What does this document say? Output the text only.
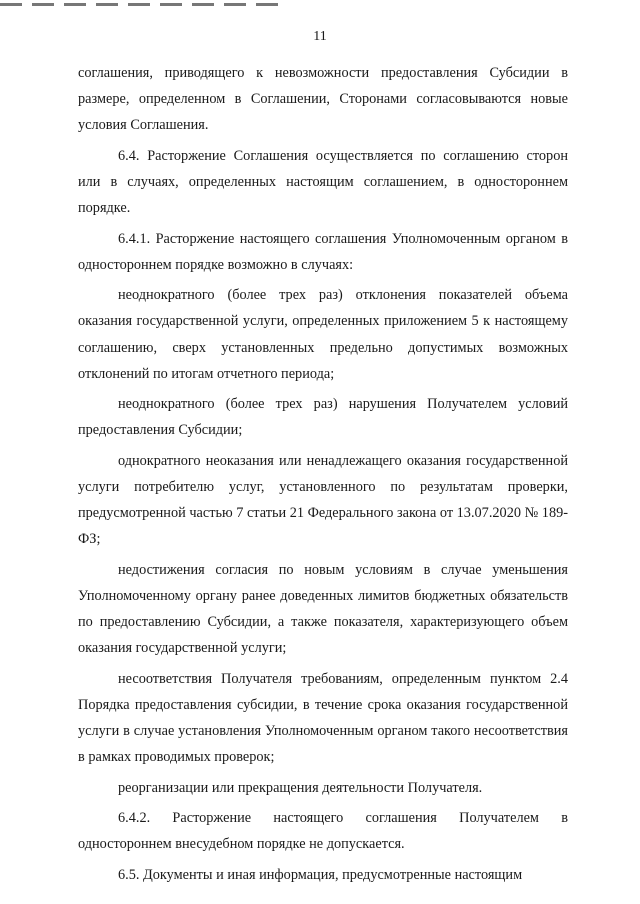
11

соглашения, приводящего к невозможности предоставления Субсидии в размере, определенном в Соглашении, Сторонами согласовываются новые условия Соглашения.

6.4. Расторжение Соглашения осуществляется по соглашению сторон или в случаях, определенных настоящим соглашением, в одностороннем порядке.

6.4.1. Расторжение настоящего соглашения Уполномоченным органом в одностороннем порядке возможно в случаях:

неоднократного (более трех раз) отклонения показателей объема оказания государственной услуги, определенных приложением 5 к настоящему соглашению, сверх установленных предельно допустимых возможных отклонений по итогам отчетного периода;

неоднократного (более трех раз) нарушения Получателем условий предоставления Субсидии;

однократного неоказания или ненадлежащего оказания государственной услуги потребителю услуг, установленного по результатам проверки, предусмотренной частью 7 статьи 21 Федерального закона от 13.07.2020 № 189-ФЗ;

недостижения согласия по новым условиям в случае уменьшения Уполномоченному органу ранее доведенных лимитов бюджетных обязательств по предоставлению Субсидии, а также показателя, характеризующего объем оказания государственной услуги;

несоответствия Получателя требованиям, определенным пунктом 2.4 Порядка предоставления субсидии, в течение срока оказания государственной услуги в случае установления Уполномоченным органом такого несоответствия в рамках проводимых проверок;

реорганизации или прекращения деятельности Получателя.

6.4.2. Расторжение настоящего соглашения Получателем в одностороннем внесудебном порядке не допускается.

6.5. Документы и иная информация, предусмотренные настоящим
